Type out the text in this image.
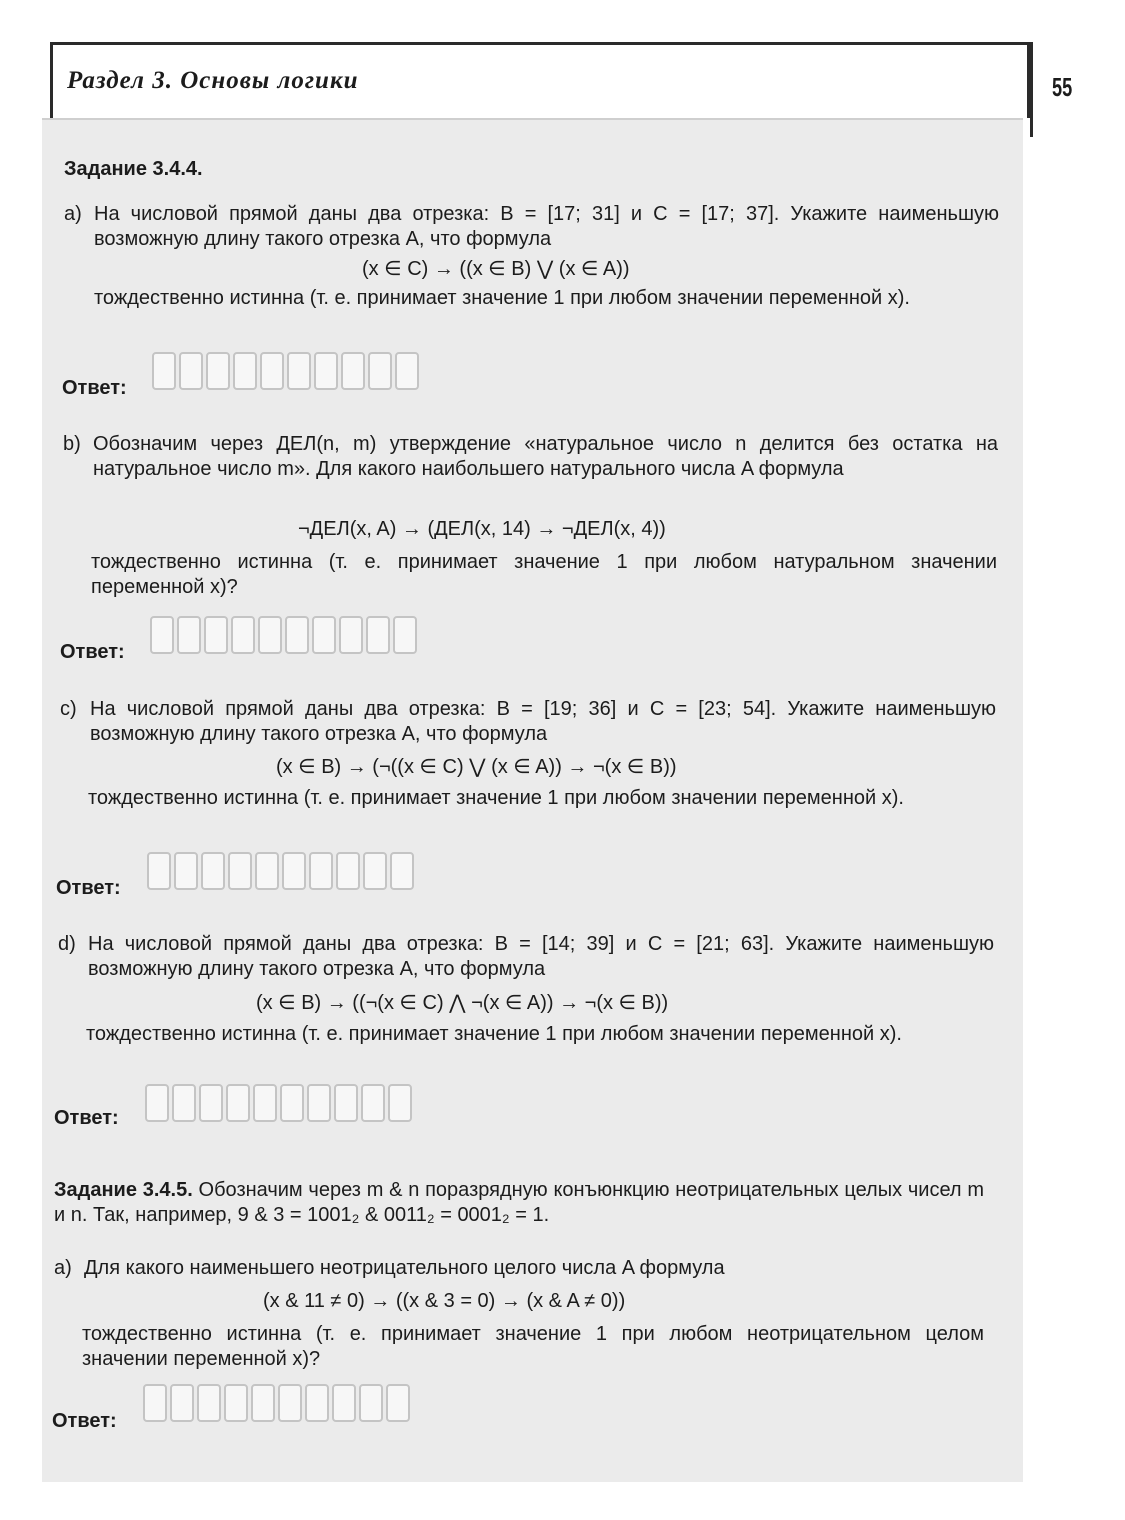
Раздел 3. Основы логики	55
Задание 3.4.4.
a) На числовой прямой даны два отрезка: B = [17; 31] и C = [17; 37]. Укажите наименьшую возможную длину такого отрезка A, что формула
(x ∈ C) → ((x ∈ B) ⋁ (x ∈ A))
тождественно истинна (т. е. принимает значение 1 при любом значении переменной x).
Ответ:
b) Обозначим через ДЕЛ(n, m) утверждение «натуральное число n делится без остатка на натуральное число m». Для какого наибольшего натурального числа A формула
¬ДЕЛ(x, A) → (ДЕЛ(x, 14) → ¬ДЕЛ(x, 4))
тождественно истинна (т. е. принимает значение 1 при любом натуральном значении переменной x)?
Ответ:
c) На числовой прямой даны два отрезка: B = [19; 36] и C = [23; 54]. Укажите наименьшую возможную длину такого отрезка A, что формула
(x ∈ B) → (¬((x ∈ C) ⋁ (x ∈ A)) → ¬(x ∈ B))
тождественно истинна (т. е. принимает значение 1 при любом значении переменной x).
Ответ:
d) На числовой прямой даны два отрезка: B = [14; 39] и C = [21; 63]. Укажите наименьшую возможную длину такого отрезка A, что формула
(x ∈ B) → ((¬(x ∈ C) ⋀ ¬(x ∈ A)) → ¬(x ∈ B))
тождественно истинна (т. е. принимает значение 1 при любом значении переменной x).
Ответ:
Задание 3.4.5. Обозначим через m & n поразрядную конъюнкцию неотрицательных целых чисел m и n. Так, например, 9 & 3 = 1001₂ & 0011₂ = 0001₂ = 1.
a) Для какого наименьшего неотрицательного целого числа A формула
(x & 11 ≠ 0) → ((x & 3 = 0) → (x & A ≠ 0))
тождественно истинна (т. е. принимает значение 1 при любом неотрицательном целом значении переменной x)?
Ответ:
